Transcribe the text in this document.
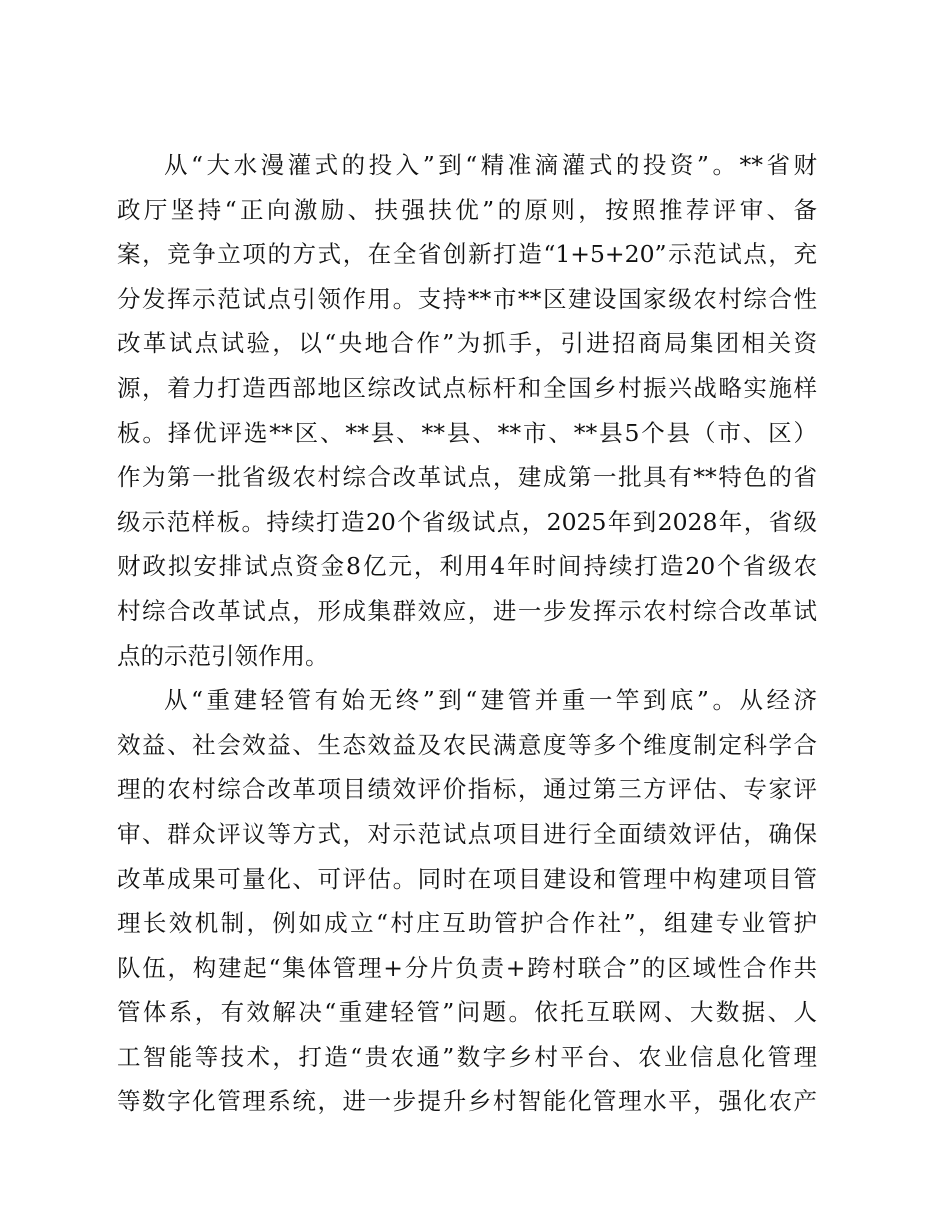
从“大水漫灌式的投入”到“精准滴灌式的投资”。**省财
政厅坚持“正向激励、扶强扶优”的原则，按照推荐评审、备
案，竞争立项的方式，在全省创新打造“1+5+20”示范试点，充
分发挥示范试点引领作用。支持**市**区建设国家级农村综合性
改革试点试验，以“央地合作”为抓手，引进招商局集团相关资
源，着力打造西部地区综改试点标杆和全国乡村振兴战略实施样
板。择优评选**区、**县、**县、**市、**县5个县（市、区）
作为第一批省级农村综合改革试点，建成第一批具有**特色的省
级示范样板。持续打造20个省级试点，2025年到2028年，省级
财政拟安排试点资金8亿元，利用4年时间持续打造20个省级农
村综合改革试点，形成集群效应，进一步发挥示农村综合改革试
点的示范引领作用。
从“重建轻管有始无终”到“建管并重一竿到底”。从经济
效益、社会效益、生态效益及农民满意度等多个维度制定科学合
理的农村综合改革项目绩效评价指标，通过第三方评估、专家评
审、群众评议等方式，对示范试点项目进行全面绩效评估，确保
改革成果可量化、可评估。同时在项目建设和管理中构建项目管
理长效机制，例如成立“村庄互助管护合作社”，组建专业管护
队伍，构建起“集体管理+分片负责+跨村联合”的区域性合作共
管体系，有效解决“重建轻管”问题。依托互联网、大数据、人
工智能等技术，打造“贵农通”数字乡村平台、农业信息化管理
等数字化管理系统，进一步提升乡村智能化管理水平，强化农产
